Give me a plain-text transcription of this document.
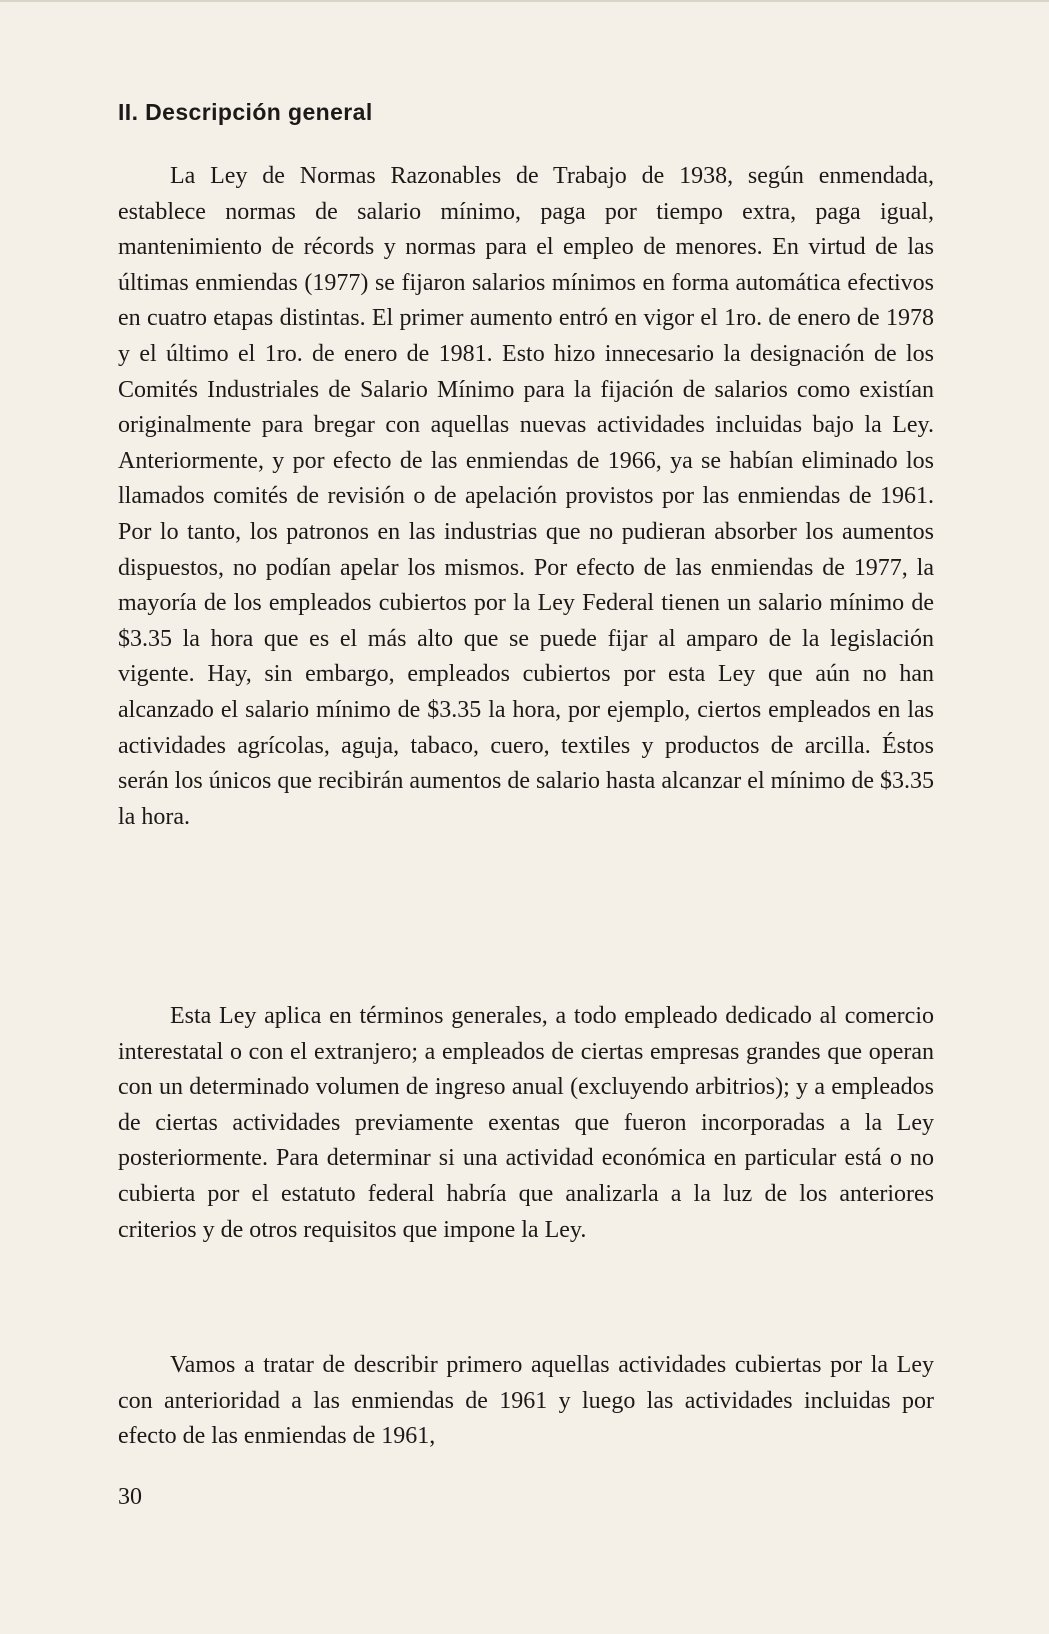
II. Descripción general

La Ley de Normas Razonables de Trabajo de 1938, según enmendada, establece normas de salario mínimo, paga por tiempo extra, paga igual, mantenimiento de récords y normas para el empleo de menores. En virtud de las últimas enmiendas (1977) se fijaron salarios mínimos en forma automática efectivos en cuatro etapas distintas. El primer aumento entró en vigor el 1ro. de enero de 1978 y el último el 1ro. de enero de 1981. Esto hizo innecesario la designación de los Comités Industriales de Salario Mínimo para la fijación de salarios como existían originalmente para bregar con aquellas nuevas actividades incluidas bajo la Ley. Anteriormente, y por efecto de las enmiendas de 1966, ya se habían eliminado los llamados comités de revisión o de apelación provistos por las enmiendas de 1961. Por lo tanto, los patronos en las industrias que no pudieran absorber los aumentos dispuestos, no podían apelar los mismos. Por efecto de las enmiendas de 1977, la mayoría de los empleados cubiertos por la Ley Federal tienen un salario mínimo de $3.35 la hora que es el más alto que se puede fijar al amparo de la legislación vigente. Hay, sin embargo, empleados cubiertos por esta Ley que aún no han alcanzado el salario mínimo de $3.35 la hora, por ejemplo, ciertos empleados en las actividades agrícolas, aguja, tabaco, cuero, textiles y productos de arcilla. Éstos serán los únicos que recibirán aumentos de salario hasta alcanzar el mínimo de $3.35 la hora.

Esta Ley aplica en términos generales, a todo empleado dedicado al comercio interestatal o con el extranjero; a empleados de ciertas empresas grandes que operan con un determinado volumen de ingreso anual (excluyendo arbitrios); y a empleados de ciertas actividades previamente exentas que fueron incorporadas a la Ley posteriormente. Para determinar si una actividad económica en particular está o no cubierta por el estatuto federal habría que analizarla a la luz de los anteriores criterios y de otros requisitos que impone la Ley.

Vamos a tratar de describir primero aquellas actividades cubiertas por la Ley con anterioridad a las enmiendas de 1961 y luego las actividades incluidas por efecto de las enmiendas de 1961,

30
